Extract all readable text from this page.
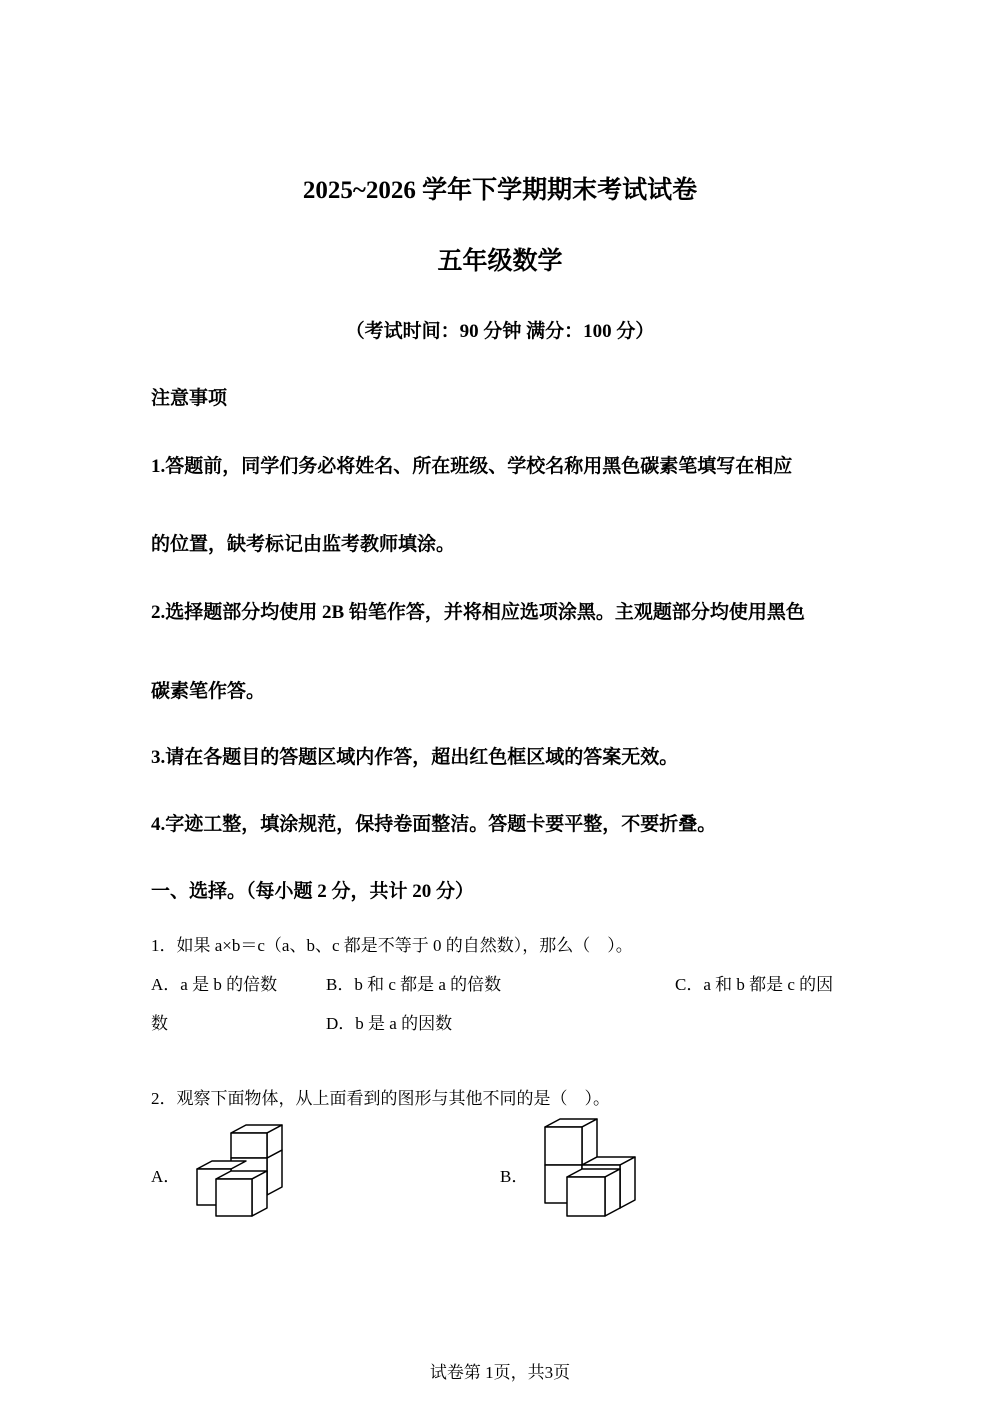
2025~2026 学年下学期期末考试试卷
五年级数学
（考试时间：90 分钟 满分：100 分）
注意事项
1.答题前，同学们务必将姓名、所在班级、学校名称用黑色碳素笔填写在相应
的位置，缺考标记由监考教师填涂。
2.选择题部分均使用 2B 铅笔作答，并将相应选项涂黑。主观题部分均使用黑色
碳素笔作答。
3.请在各题目的答题区域内作答，超出红色框区域的答案无效。
4.字迹工整，填涂规范，保持卷面整洁。答题卡要平整，不要折叠。
一、选择。（每小题 2 分，共计 20 分）
1．如果 a×b＝c（a、b、c 都是不等于 0 的自然数），那么（　）。
A．a 是 b 的倍数	B．b 和 c 都是 a 的倍数	C．a 和 b 都是 c 的因
数	D．b 是 a 的因数
2．观察下面物体，从上面看到的图形与其他不同的是（　）。
A．	B．
试卷第 1页，共3页
